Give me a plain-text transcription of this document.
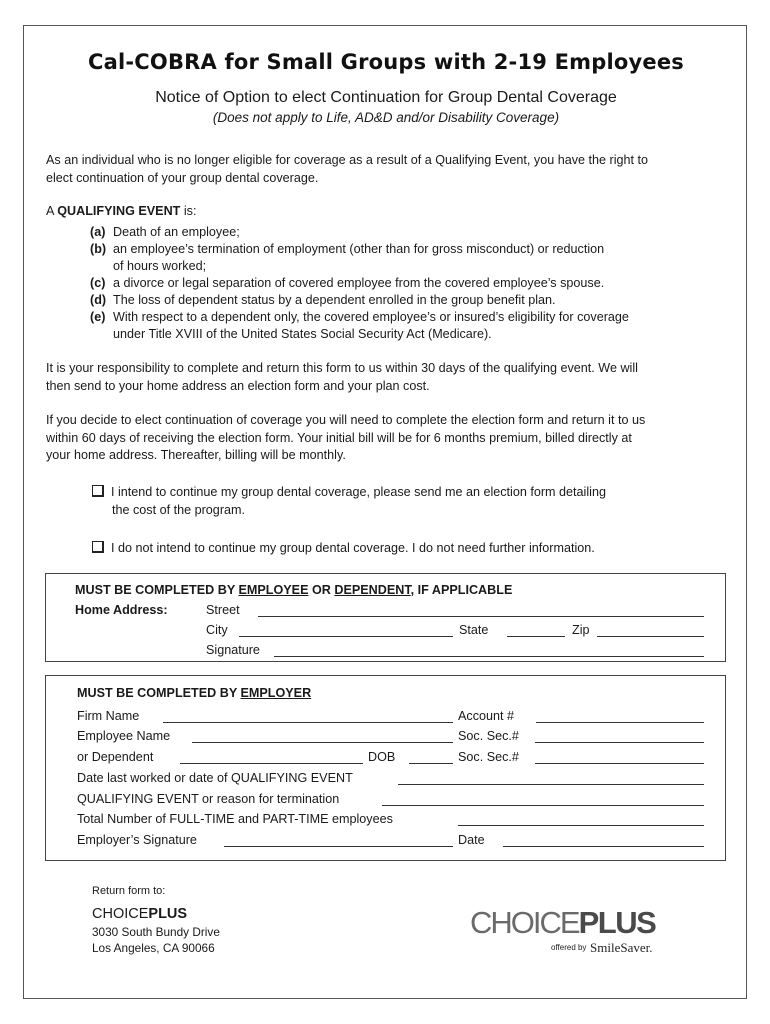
Cal-COBRA for Small Groups with 2-19 Employees
Notice of Option to elect Continuation for Group Dental Coverage
(Does not apply to Life, AD&D and/or Disability Coverage)
As an individual who is no longer eligible for coverage as a result of a Qualifying Event, you have the right to
elect continuation of your group dental coverage.
A QUALIFYING EVENT is:
(a) Death of an employee;
(b) an employee’s termination of employment (other than for gross misconduct) or reduction
of hours worked;
(c) a divorce or legal separation of covered employee from the covered employee’s spouse.
(d) The loss of dependent status by a dependent enrolled in the group benefit plan.
(e) With respect to a dependent only, the covered employee’s or insured’s eligibility for coverage
under Title XVIII of the United States Social Security Act (Medicare).
It is your responsibility to complete and return this form to us within 30 days of the qualifying event. We will
then send to your home address an election form and your plan cost.
If you decide to elect continuation of coverage you will need to complete the election form and return it to us
within 60 days of receiving the election form. Your initial bill will be for 6 months premium, billed directly at
your home address. Thereafter, billing will be monthly.
I intend to continue my group dental coverage, please send me an election form detailing
the cost of the program.
I do not intend to continue my group dental coverage. I do not need further information.
MUST BE COMPLETED BY EMPLOYEE OR DEPENDENT, IF APPLICABLE
Home Address:	Street
City	State	Zip
Signature
MUST BE COMPLETED BY EMPLOYER
Firm Name	Account #
Employee Name	Soc. Sec.#
or Dependent	DOB	Soc. Sec.#
Date last worked or date of QUALIFYING EVENT
QUALIFYING EVENT or reason for termination
Total Number of FULL-TIME and PART-TIME employees
Employer’s Signature	Date
Return form to:
CHOICEPLUS
3030 South Bundy Drive
Los Angeles, CA 90066
CHOICEPLUS
offered by SmileSaver.
